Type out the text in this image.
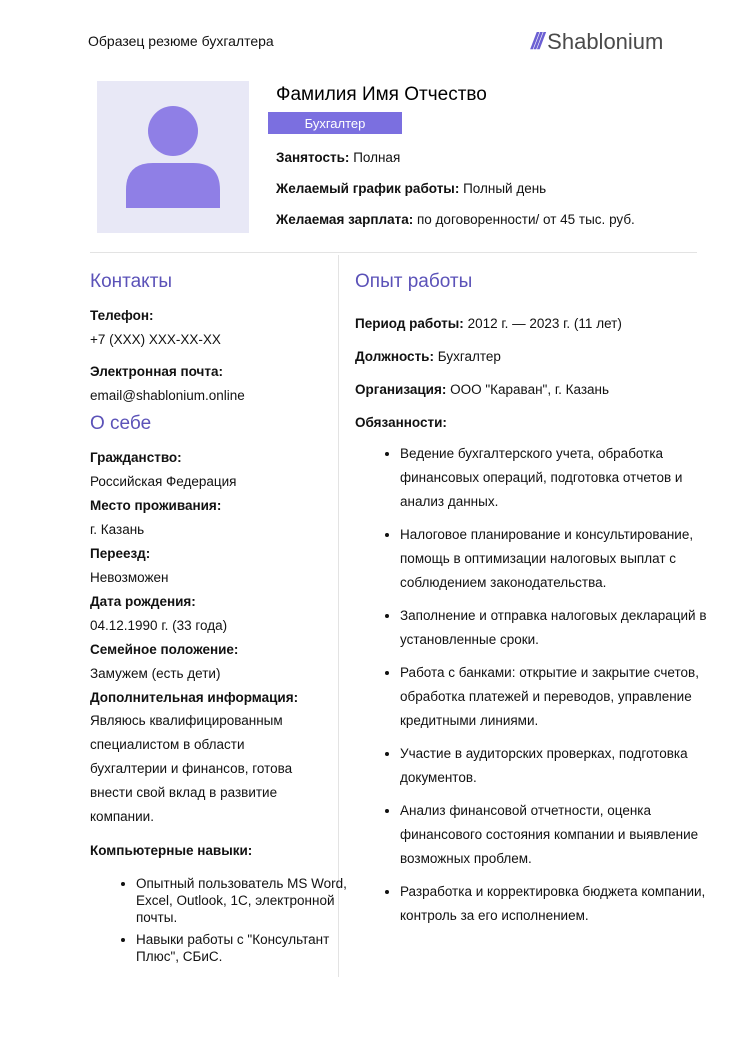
Образец резюме бухгалтера	/// Shablonium
Фамилия Имя Отчество
Бухгалтер
Занятость: Полная
Желаемый график работы: Полный день
Желаемая зарплата: по договоренности/ от 45 тыс. руб.
Контакты
Телефон:
+7 (XXX) XXX-XX-XX
Электронная почта:
email@shablonium.online
О себе
Гражданство:
Российская Федерация
Место проживания:
г. Казань
Переезд:
Невозможен
Дата рождения:
04.12.1990 г. (33 года)
Семейное положение:
Замужем (есть дети)
Дополнительная информация:
Являюсь квалифицированным специалистом в области бухгалтерии и финансов, готова внести свой вклад в развитие компании.
Компьютерные навыки:
• Опытный пользователь MS Word, Excel, Outlook, 1С, электронной почты.
• Навыки работы с "Консультант Плюс", СБиС.
Опыт работы
Период работы: 2012 г. — 2023 г. (11 лет)
Должность: Бухгалтер
Организация: ООО "Караван", г. Казань
Обязанности:
• Ведение бухгалтерского учета, обработка финансовых операций, подготовка отчетов и анализ данных.
• Налоговое планирование и консультирование, помощь в оптимизации налоговых выплат с соблюдением законодательства.
• Заполнение и отправка налоговых деклараций в установленные сроки.
• Работа с банками: открытие и закрытие счетов, обработка платежей и переводов, управление кредитными линиями.
• Участие в аудиторских проверках, подготовка документов.
• Анализ финансовой отчетности, оценка финансового состояния компании и выявление возможных проблем.
• Разработка и корректировка бюджета компании, контроль за его исполнением.
